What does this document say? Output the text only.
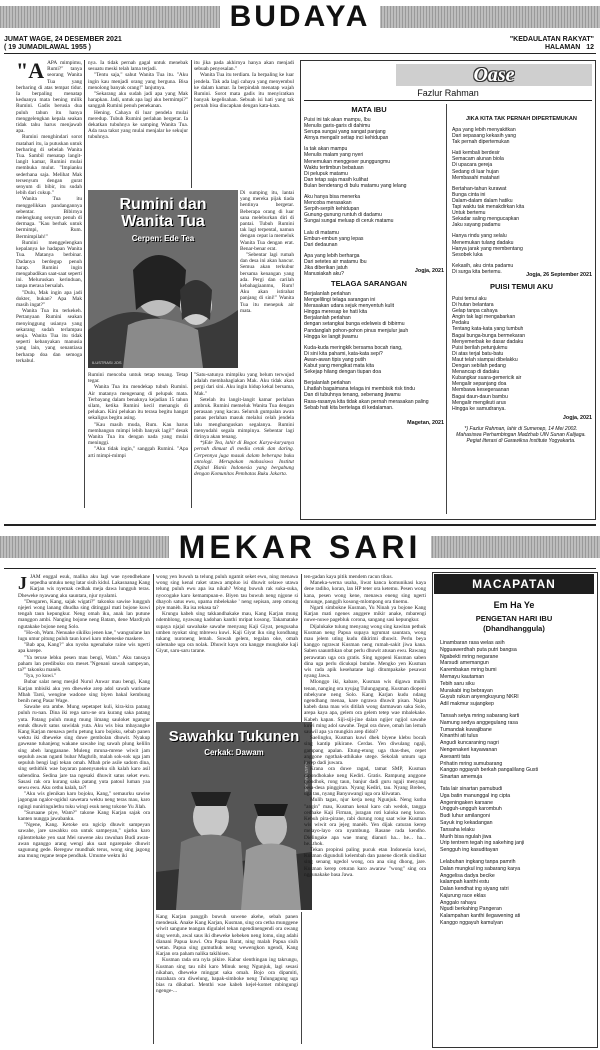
BUDAYA
JUMAT WAGE, 24 DESEMBER 2021
( 19 JUMADILAWAL 1955 )
"KEDAULATAN RAKYAT"
HALAMAN   12

"AAPA mimpimu, Rumi?" tanya seorang Wanita Tua yang berbaring di atas tempat tidur. Ia berpaling menatap keduanya mata bening milik Rumini. Gadis berusia dua puluh tahun itu hanya menggelengkan kepala seakan tidak tahu harus menjawab apa.

Rumini menghindari sorot matahari itu, ia putuskan untuk berbaring di sebelah Wanita Tua. Sambil menatap langit-langit kamar, Rumini mulai membuka mulut. "Impianku sederhana saja. Melihat Mak tersenyum dengan gurat senyum di bibir, itu sudah lebih dari cukup."

Wanita Tua itu menggelikkan pandangannya sebentar. Bibirnya melengkung senyum penuh di dermaga. "Kau berhak untuk bermimpi, Rum. Bermimpilah!"

Rumini menggelengkan kepalanya ke hadapan Wanita Tua. Matanya berbinar. Dadanya berdegup penuh harap. Rumini ingin mengabadikan saat-saat seperti ini. Meluruskan kerinduan, tanpa merasa bersalah.

"Dulu, Mak ingin apa jadi dokter, bukan? Apa Mak masih ingat?"

Wanita Tua itu terkekeh. Pertanyaan Rumini seakan menyinggung usianya yang sekarang sudah terlampau senja. Wanita Tua itu tidak seperti kebanyakan manusia yang lain, yang senantiasa berharap doa dan semoga terkabul.

nya. Ia tidak pernah gagal untuk menebak sesuatu meski telah lama terjadi.

"Tentu saja," sahut Wanita Tua itu. "Aku ingin kau menjadi orang yang berguna. Bisa menolong banyak orang!" lanjutnya.

"Sekarang aku sudah jadi apa yang Mak harapkan. Jadi, untuk apa lagi aku bermimpi?" sanggah Rumini penuh penekanan.

Hening. Cahaya di luar pendela mulai meredup. Tubuh Rumini perlahan bergetar. Ia dekatkan tubuhnya ke samping Wanita Tua. Ada rasa takut yang mulai menjalar ke sekujur tubuhnya.

itu jika pada akhirnya hanya akan menjadi sebuah penyesalan."

Wanita Tua itu terdiam. Ia berpaling ke luar jendela. Tak ada lagi cahaya yang menyembul ke dalam kamar. Ia berpindah menatap wajah Rumini. Sorot mata gadis itu menyiratkan banyak kegelisahan. Sebuah isi hati yang tak pernah bisa diucapkan dengan kata-kata.

Rumini dan
Wanita Tua
Cerpen: Ede Tea
ILUSTRASI JOS

Di sumping itu, lantai yang mereka pijak tiada hentinya bergetar. Beberapa orang di luar sana meleburkan diri di pantai. Tubuh Rumini tak lagi terpental, namun dengan cepat ia memeluk Wanita Tua dengan erat. Benar-benar erat.

"Sebentar lagi rumah dan desa ini akan hancur. Semua akan terkubur bersama kenangan yang ada. Pergi dan carilah kebahagiaanmu, Rum! Aku akan istirahat panjang di sini!" Wanita Tua itu menepuk air mata.

Rumini mencoba untuk tetap tenang. Tetap tegar.

Wanita Tua itu mendekap tubuh Rumini. Air matanya mengenang di pelupuk mata. Terbayang dalam benaknya kejadian 15 tahun silam, ketika Rumini kecil menangis di pelukan. Kini pelukan itu terasa begitu hangat sekaligus begitu asing.

"Kau masih muda, Rum. Kau harus membangun mimpi lebih banyak lagi!" desak Wanita Tua itu dengan nada yang mulai meninggi.

"Aku tidak ingin," sanggah Rumini. "Apa arti mimpi-mimpi

"Satu-satunya mimpiku yang belum terwujud adalah membahagiakan Mak. Aku tidak akan pergi dari sini. Aku ingin hidup kekal bersama, Mak."

Setelah itu langit-langit kamar perlahan ambruk. Rumini memeluk Wanita Tua dengan perasaan yang kacau. Seluruh gumpalan awan panas perlahan masuk melalui celah jendela lalu menghanguskan segalanya. Rumini menyudahi segala mimpinya. Sebentar lagi dirinya akan tenang.

*)Ede Tea, lahir di Bogor. Karya-karyanya pernah dimuat di media cetak dan daring. Cerpennya juga masuk dalam beberapa buku antologi. Merupakan mahasiswa Institut Digital Bisnis Indonesia yang bergabung dengan Komunitas Pembatas Buku Jakarta.

Oase
Fazlur Rahman
MATA IBU
Puisi ini tak akan mampu, Ibu
Menulis garis-garis di dahimu
Serupa sungai yang sangat panjang
Airnya mengalir setiap inci kehidupan
Ia tak akan mampu
Menulis malam yang nyeri
Menemukan menggeser punggungmu
Waktu tertimbun bebatuan
Di pelupuk matamu
Dan tetap saja masih kulihat
Bulan benderang di bulu matamu yang lelang
Aku hanya bisa menerka
Mencoba merasakan
Serpih-serpih kehidupan
Gunung-gunung runtuh di dadamu
Sungai sungai meluap di ceruk matamu
Lalu di matamu
Embun-embun yang lepas
Dari dedaunan
Apa yang lebih berharga
Dari setetes air matamu Ibu
Jika diberikan jatuh
Manusiakah aku?
Jogja, 2021
TELAGA SARANGAN
Berjalanlah perlahan
Mengelilingi telaga sarangan ini
Merasakan udara sejuk menyentuh kulit
Hingga meresap ke hati kita
Berjalanlah perlahan
dengan setangkai bunga edelweis di bibirmu
Pandanglah pohon-pohon pinus menjulur jauh
Hingga ke langit jiwamu
Kuda-kuda meringkik bersama bocah riang,
Di sini kita pahami, kata-kata sepi?
Awan-awan tipis yang putih
Kabut yang mengikat mata kita
Sekejap hilang dengan tiupan doa
Berjalanlah perlahan
Lihatlah bagaimana telaga ini membisik risk tindu
Dan di tubuhnya tenang, sebenang jiwamu
Rasa-rasanya kita tidak akan pernah merasakan paling
Sebab hati kita bertelaga di kedalaman.
Magetan, 2021
JIKA KITA TAK PERNAH DIPERTEMUKAN
Apa yang lebih menyakitkan
Dari sepasang kekasih yang
Tak pernah dipertemukan
Hati kembali berdesir
Semacam alunan biola
Di upacara gereja
Sedang di luar hujan
Membasahi matahari
Bertahan-tahun kurawat
Bunga cinta ini
Dalam-dalam dalam hatiku
Tapi waktu tak menakdirkan kita
Untuk bertemu
Sekadar saling mengucapkan
Jaku sayang padamu
Hanya rindu yang selalu
Menemukan tulang dadaku
Hanya jarak yang membentang
Sesobek luka
Kekasih, aku cinta padamu
Di surga kita bertemu.
Jogja, 26 September 2021
PUISI TEMUI AKU
Puisi temui aku
Di hutan belantara
Gelap tanpa cahaya
Angin tak lagi mengabarkan
Pedaku
Tentang kata-kata yang tumbuh
Bagai bunga-bunga bermekaran
Menyemerbak ke dasar dadaku
Puisi berilah petunjukmu
Di atas terjal batu-batu
Maut telah siampai dibelakku
Dengan sebilah pedang
Menancap di dadaku
Kubangkar suara-gemericik air
Mengalir sepanjang doa
Membawa kesegeraanan
Bagai daun-daun bambu
Mengalir mengikuti arus
Hingga ke samudranya.
Jogja, 2021
*) Fazlur Rahman, lahir di Sumenep, 14 Mei 2002. Mahasiswa Perhambingan Madzhab UIN Sunan Kalijaga. Pegiat literasi di Garawiksa Institute Yogyakarta.
MEKAR SARI

JJAM enggal esuk, malika aku lagi wae nyendhekane sepedha untuku neng latar sisih kidul. Lakasnanag Kang Karjan wis nyemak cedhak meja dawa lungguh teras. Dheweke nyawang aku sauntara, njur nyalami.

"Dengaren, Kang, sajak wigati?" takonku sawise lungguh njejeri wong lanang dhudha sing ditinggal mati bojone kuwi tengah taun kepungkur. Neng omah iku, anak lan putune manggon ambi. Nanging bojone neng Batam, dene Mardiyah ngutakake bojone neng Solo.

"Ho-oh, Wam. Nenuake sikilku jenen kae," wangsulane lan lugu umur pitung puluh taun kuwi karo mbeneske maskere.

"Bab apa, Kang?" aku nyoba ngenahake raine wis ngerti apa karepe.

"Ya teruse lebku pesen mau bengi, Wam." Aku tansaya paham lan predibuku ora meset."Ngenani sawah sampeyan, ta?" takonku manèh.

"Iya, yo kuwi."

Bubar salat neng mesjid Nurul Anwar mau bengi, Kang Karjan mbisiki aku yen dheweke arep adol sawah warisane Mbah Tarsi, wengine wadone sing biyen bakal kembung benih neng Pasar Wage.

Sawahe ora ambe. Mung sepetapet kuli, kira-kira patang puluh ru-nan. Dina iki rega saru-ne ora kurang saka patang yuta. Patang puluh mung mung limang sauloket ngangur entuk dhuwit satus suwidak yuta. Aku wis bisa mbayangke Kang Karjan menawa perlu petung karo bojoku, sebab panen wektu iki dheweke sing duwe gembolan dhuwit. Nyakup gaweane tuhanjeng wakane sawahe ing sawah plung kelilin sing abeh langganane. Muleng mruna-mrene wiwit jam sepuluh awan nganti bubar Maghrib, malah sok-sok uga jam sepuluh bengi lagi tekan omah. Mbah prie asile sadom dina, sing sethithik wae bayaran panenyuneku sih kalah karo asil sabendina. Sedina jare taa ngesaki dhuwit satus seket ewu. Sasasi rak ora kurang saka patang yuta patoul luman yaa sewu ewu. Aku cethu kalah, ta?!

"Aku wis glenikan karo bojoku, Kang," semaurku sawise jagongan ngalor-ngidul sawetara wektu neng teras mau, karo ngingi nuniringulethu tuku wingi esuk neng tokone Yu Jilah.

"Sursaane piye, Wam?" takone Kang Karjan sajak ora kanten nungga jawabanku.

"Ngene, Kang. Ketoke ora ngicip dhuwit sampeyan sawahe, jare sawahku ora untuk sampeyan," ujarku karo njilentrehake yen saat Mei suwene aku rawuhan Budi awan-awan nganggo arang wengi aku saat ngarepake dhuwit sagunung gede. Rereguw mundhak terus, wong sing jagong ana mung regane tenpe pendhak. Umume wektu iki

wong yen buwuh ta telung puluh ngamit seket ewu, ning menawa wong sing kenal raket utawa ampluo isi dhuwit selawe utawa telung puluh ewu apa isa nikah? Wong buwuh rak suka-suka, nyocogake karo kemampuan-e. Biyen tau buwuh neng njgone si dhayoh satus ewu, upama mbelekake ' neng sepisan, arep omong piye manèh. Ra isa rekasa ta?

Krungu kabeh sing takkandhakake mau, Kang Karjan mung ndemblong, nyawang kadohan kanthi mripat kosong. Takamatake supaya njajal sawahake sawahe menyang Kaji Giyat, pengusaha umben nyokat sing mbrewu kuwi. Kaji Giyat iku sing kondhang tukang nuroneng lemah. Suwah gelem, tegalan oke, omah salemahe uga ora nolak. Dhuwit kayu ora kangge mungkuke kaji Giyat, saru-saru tarane.

Sawahku Tukunen
Cerkak: Dawam
ILUSTRASI JOS

Kang Karjan panggih buwuh suwene akehe, sebah panen mendesak. Anake Kang Karjan, Kusman, sing ora cetha munggene wiwit sangune teangan digulalel tekan ngendinengendi ora owang sing weruh, awal saus iki dheweke kebeken neng lomu, sing adahi dianani Papua kuwi. Ora Papua Barat, ning malah Papua sisih wetan. Papua sing gumuthuk neng wewengkon ngendi, Kang Karjan ora paham nalika takihisen.

Kusman rada ora nyla pikire. Kabar slenthingan ing takrungu, Kusman sing tau nibi karo Minuk neng Ngunjuk, lagi sesasi nikahan, dheweke minggat saka omah. Bojo ora dipamiti, marahara ora diwelung, bapak-simboke neng Tulungagung uga bias ra dikabari. Menthi wae kabeh kejel-komet mbingungi ngenge-...

ten-gadan kaya pitik mendem racun tikus.

Maneka-werna usaha, liwat kanca komunikasi kaya dene radiho, koran, lan HP teter ora ketemu. Pesen wong kana, pesen wong kene, menawa eneng sing ngerti dununge, panggih kosong-mlompong ora tinemu.

Ngarti simbokne Kusman, Yu Ninah ya bojone Kang Karjan mati ngenes anggere mikir anake, mbarengi nuwe-nuwe pagebluk corona, sangang sasi kepungkur.

Dijalukake tulung menyang wong sing kawitan pethuk Kusman neng Papua supaya ngrumat sauntara, wong mau jelem uting kudu dikirimi dhuwit. Perlu beya kanggo ngrawat Kusman neng rumah-sakit jiwa kana. Saben saaunthkan obat perlu dhuwit atusan ewu. Rawang perawatan uga ora gratis. Sing ngopeni Kusman saben dina uga perlu dicukupi butuhe. Mengko yen Kusman wis rada apik kesehatane lagi ditumpakake pesawat nyang Jawa.

Mlonggo iki, kabare, Kusman wis digawa mulih tenan, nanging ora nyujag Tulungagung. Kusman diopeni mbekyune neng Solo. Kang Karjan kudu ndang ngendhang menaa, kare ngrawa dhuwit pisan. Najan kabeh dana mau wis ditilah wong darmawan saka Solo, arepa kaya apa, gelem ora gelem tetep wae mbalekake. Kabeh kapan. Siji-siji-jine dalan ngijer ngijol sawahe kuwi ming adol sawahe. Tegal ora duwe, omah lan lemah sauwil apa ya mungkin arep didol?

Saelingku, Kusman kuwi dhek biyene klebu bocah sing kantip pikirane. Cerdas. Yen diwulang ngaji, gampang apalan. Etung-etung uga thas-thes, cepet anggone ngothak-athikake utege. Sekolah umum uga kerep dadi juwara.

Krana ora duwe ragad, tamat SMP, Kusman dipondhokake neng Kediri. Gratis. Rampung anggone mondhok, rong taun, banjur dadi guru ngaji menyang desa-desa pinggiran. Nyang Kediri, tau. Nyang Brebes, uga tau, nyang Banyuwangi uga ora kliwatan.

Mulih tagas, njur kerja neng Ngunjuk. Neng kutha "angin" mau, Kusman kenal karo cah wedok, tangga cedhake Kaji Firman, juragan roti kaloka neng kono. Kebuh pira-pirane, rabi durung rong saat wise Kusman wis wiwit ora jejeg manèh. Yen dijak caturan kerep melayo-layo ora nyambung. Rasane rada kendho. Dielingake apa wae mung dianuri ha... he... ha... he...thok.

Tekan propinsi paling pucuk etan Indonesia kuwi, Kusman digunduli kelembah dan panene dicetik sindikat sing senang ngedol wong, ora ana sing dhong, jare. Kusman kerep ceturan karo awaraw "wong" sing ora nggunakake basa Jawa.

MACAPATAN
Em Ha Ye
PENGETAN HARI IBU
(Dhandhanggula)
Linambaran rasa welas asih
Ngguawerdhah puta putri bangsa
Ngabekti mring negarane
Marsudi amemangun
Karembakan mring bumi
Memayu kautaman
Tebih saru siku
Murakabi ing bebrayan
Guyub rukun anyengkuyung NKRI
Adil makmur sujangkep
Tansah setya mring sabarang karti
Namung sedya anggegulang rasa
Tumandak kuwajibane
Kinanthi ati tulus
Angudi kuncaraning nagri
Nengenakeri kayawanan
Asesanti tata
Prihatin mring sumubarang
Kanggo nggayuh berkah pangalilang Gusti
Sinartan amemuja
Tata lair sinartan pamubudi
Uga batin manunggal ing cipta
Angeningaken karsane
Ungguh-ungguh karombuh
Budi luhur amilangoni
Sayuk ing kekadangan
Tansaha lelaku
Murih bisa ngulah jiwa
Urip tentrem tegah ing sakehing janji
Sengguh ing kasuditayan
Lelabuhan ingkang tanpa pamrih
Dalan mungkul ing sabarang karya
Anggelisa dadya becike
kalampah kanthi estu
Dalan kendhat ing siyang ratri
Kajurung race eklas
Anggalo rahayu
Ngudi berkahing Pangeran
Kalampahan kanthi ilegawening ati
Kanggo nggayuh kamulyan
